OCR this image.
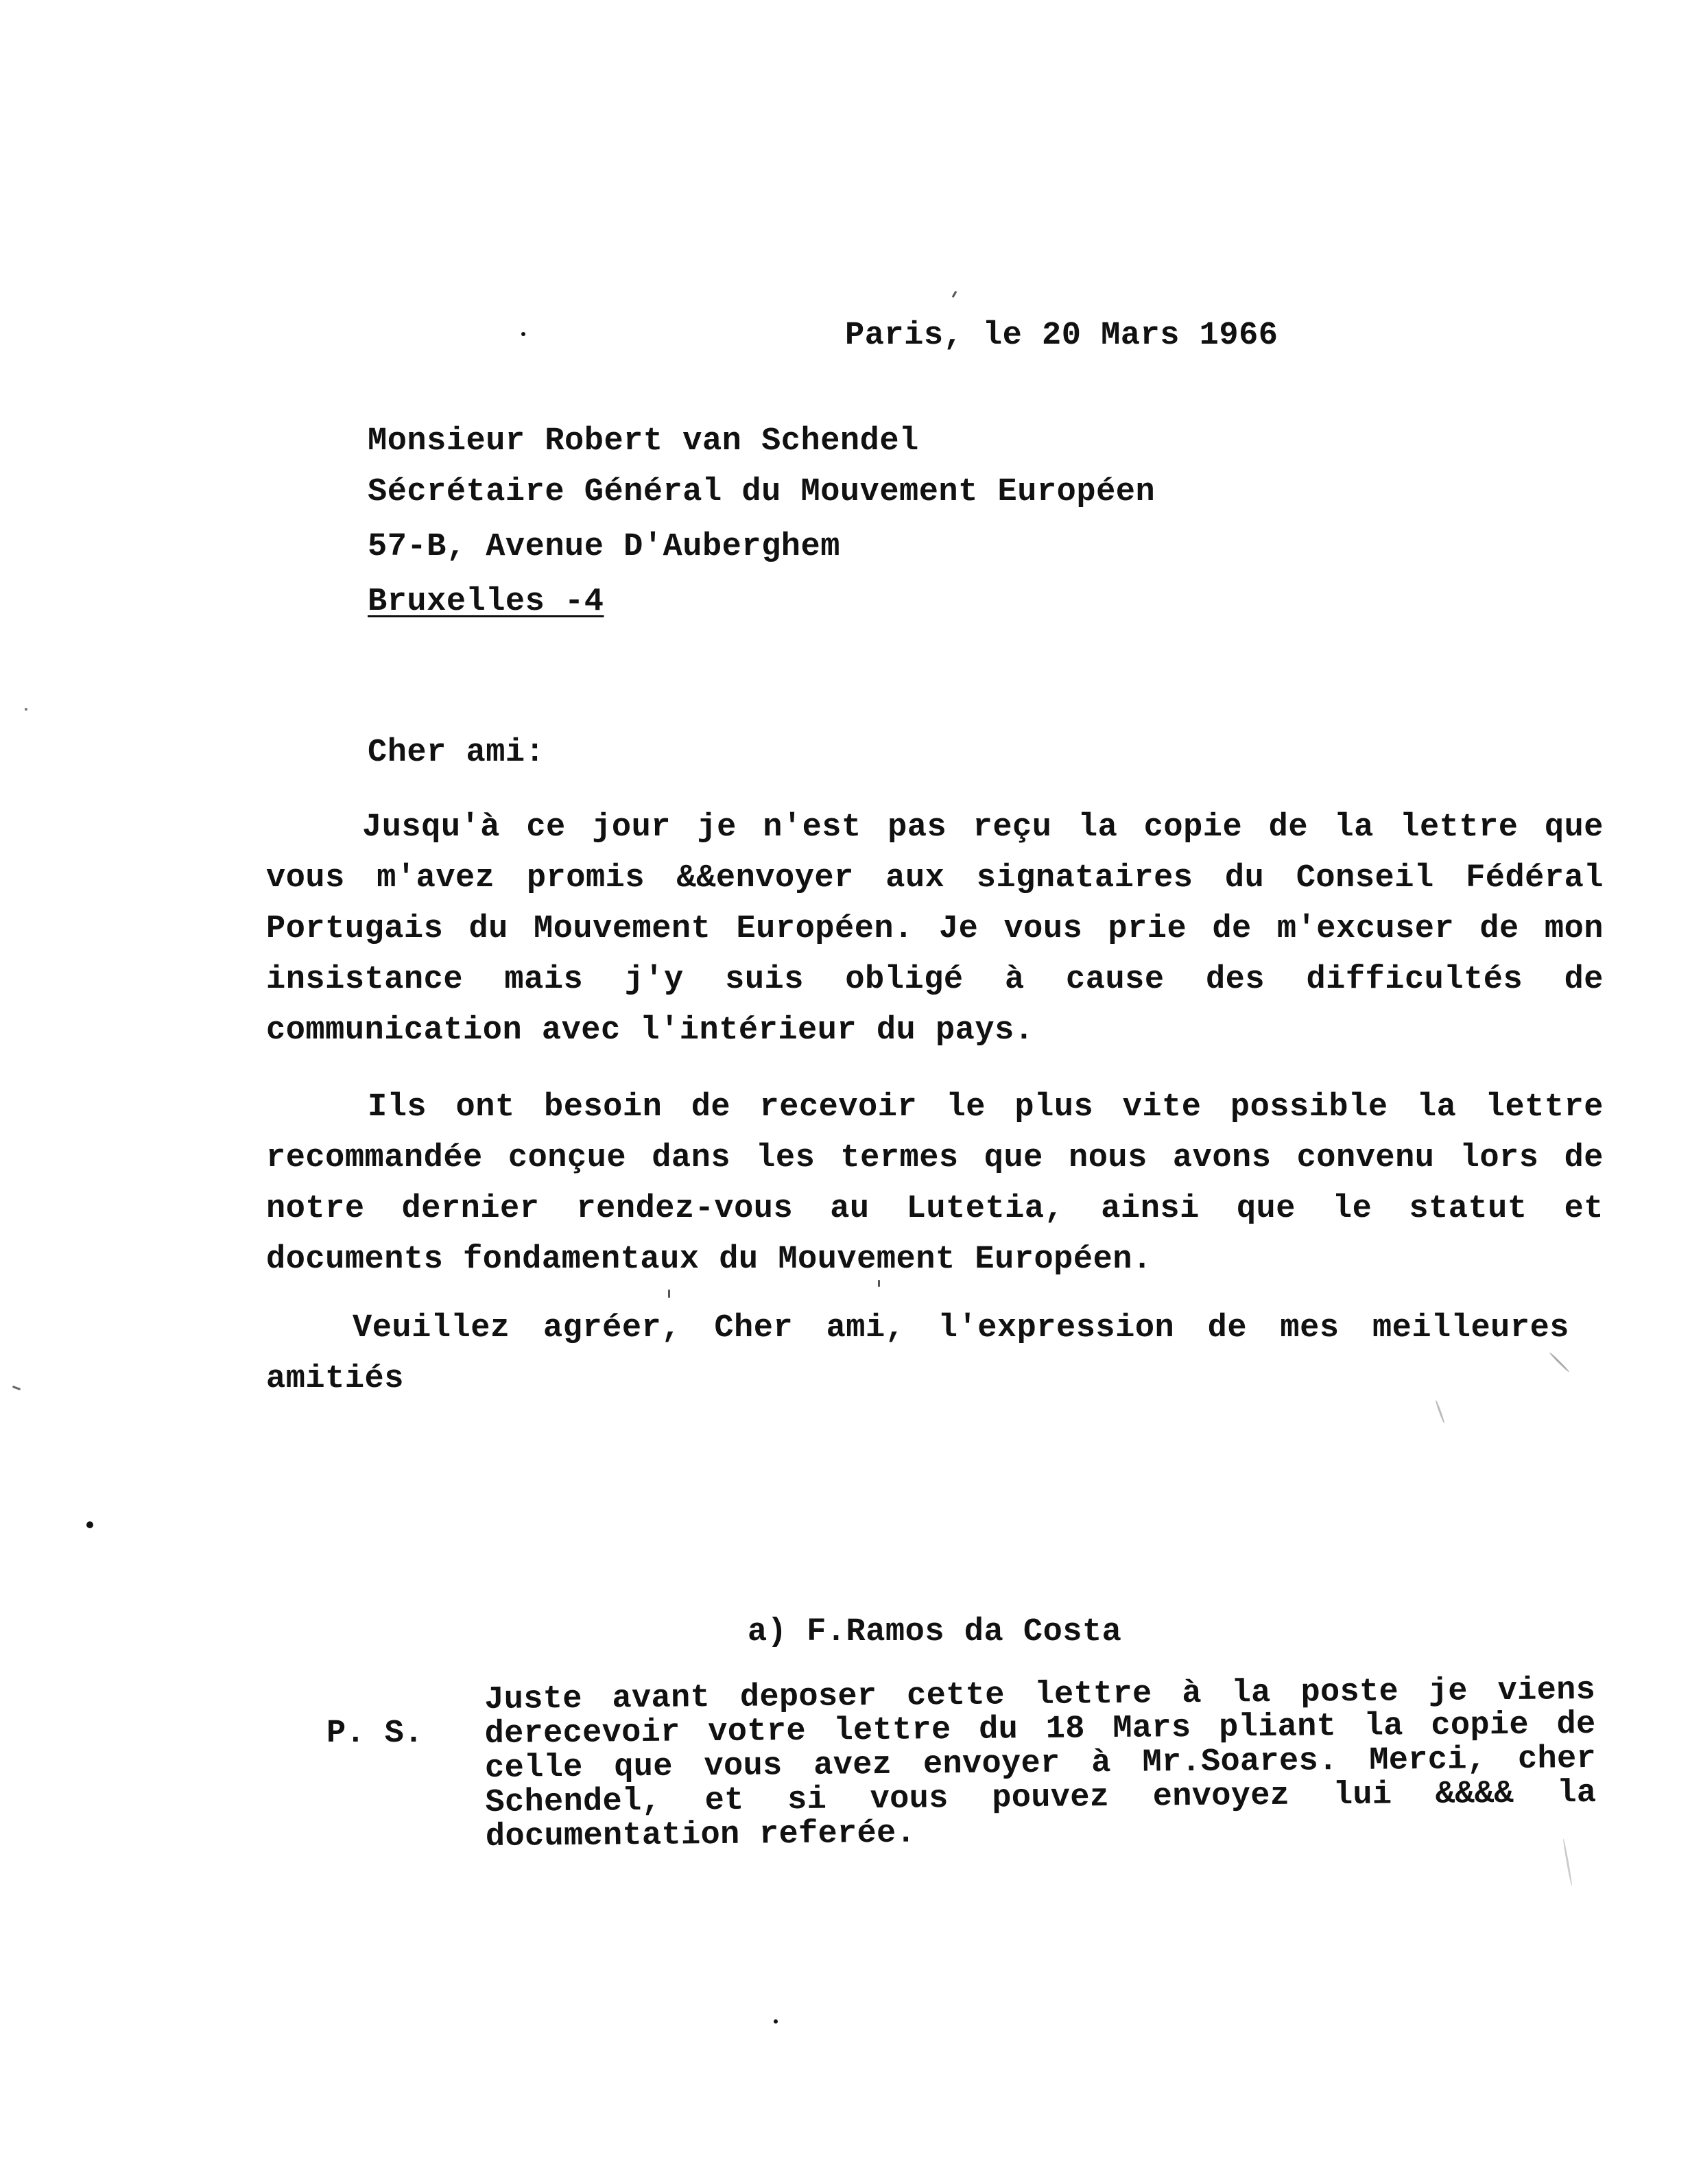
Paris, le 20 Mars 1966
Monsieur Robert van Schendel
Sécrétaire Général du Mouvement Européen
57-B, Avenue D'Auberghem
Bruxelles -4
Cher ami:

Jusqu'à ce jour je n'est pas reçu la copie de la lettre que vous m'avez promis &&envoyer aux signataires du Conseil Fédéral Portugais du Mouvement Européen. Je vous prie de m'excuser de mon insistance mais j'y suis obligé à cause des difficultés de communication avec l'intérieur du pays.

Ils ont besoin de recevoir le plus vite possible la lettre recommandée conçue dans les termes que nous avons convenu lors de notre dernier rendez-vous au Lutetia, ainsi que le statut et documents fondamentaux du Mouvement Européen.

Veuillez agréer, Cher ami, l'expression de mes meilleures amitiés

a) F.Ramos da Costa
P. S.

Juste avant deposer cette lettre à la poste je viens derecevoir votre lettre du 18 Mars pliant la copie de celle que vous avez envoyer à Mr.Soares. Merci, cher Schendel, et si vous pouvez envoyez lui &&&& la documentation referée.
